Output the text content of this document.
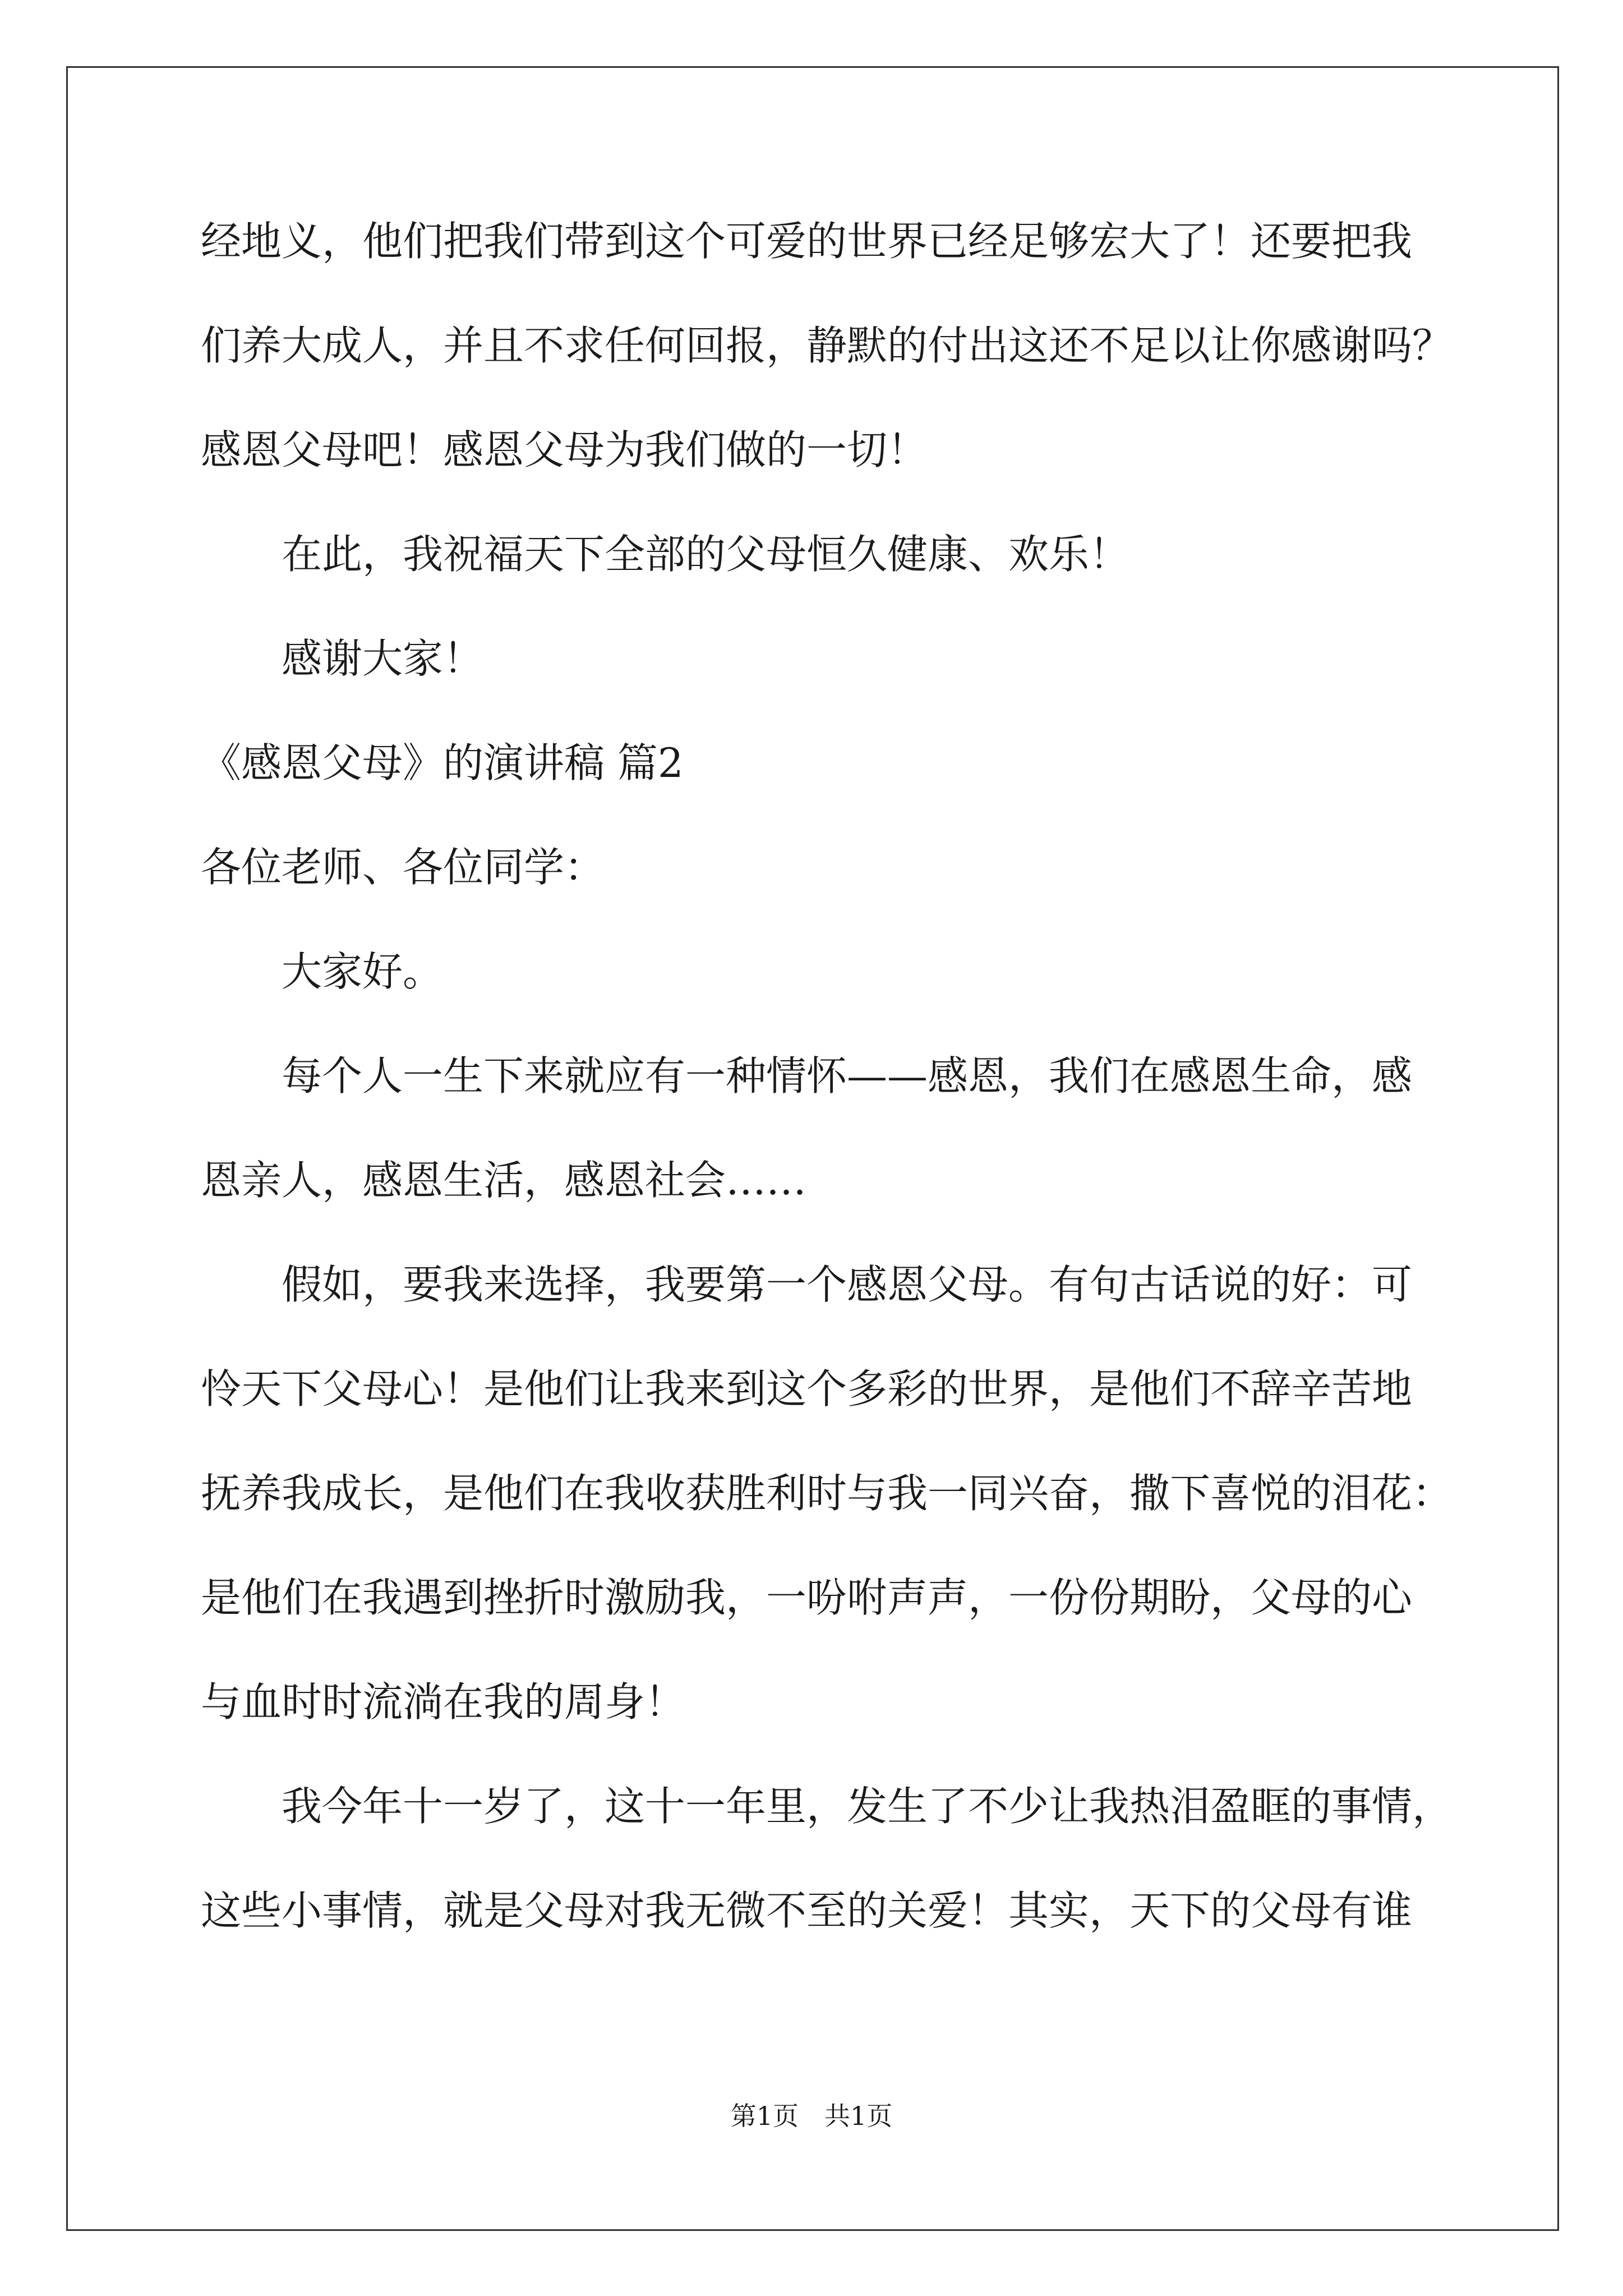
经地义，他们把我们带到这个可爱的世界已经足够宏大了！还要把我
们养大成人，并且不求任何回报，静默的付出这还不足以让你感谢吗？
感恩父母吧！感恩父母为我们做的一切！
在此，我祝福天下全部的父母恒久健康、欢乐！
感谢大家！
《感恩父母》的演讲稿 篇2
各位老师、各位同学：
大家好。
每个人一生下来就应有一种情怀——感恩，我们在感恩生命，感
恩亲人，感恩生活，感恩社会……
假如，要我来选择，我要第一个感恩父母。有句古话说的好：可
怜天下父母心！是他们让我来到这个多彩的世界，是他们不辞辛苦地
抚养我成长，是他们在我收获胜利时与我一同兴奋，撒下喜悦的泪花：
是他们在我遇到挫折时激励我，一吩咐声声，一份份期盼，父母的心
与血时时流淌在我的周身！
我今年十一岁了，这十一年里，发生了不少让我热泪盈眶的事情，
这些小事情，就是父母对我无微不至的关爱！其实，天下的父母有谁
第1页　共1页
